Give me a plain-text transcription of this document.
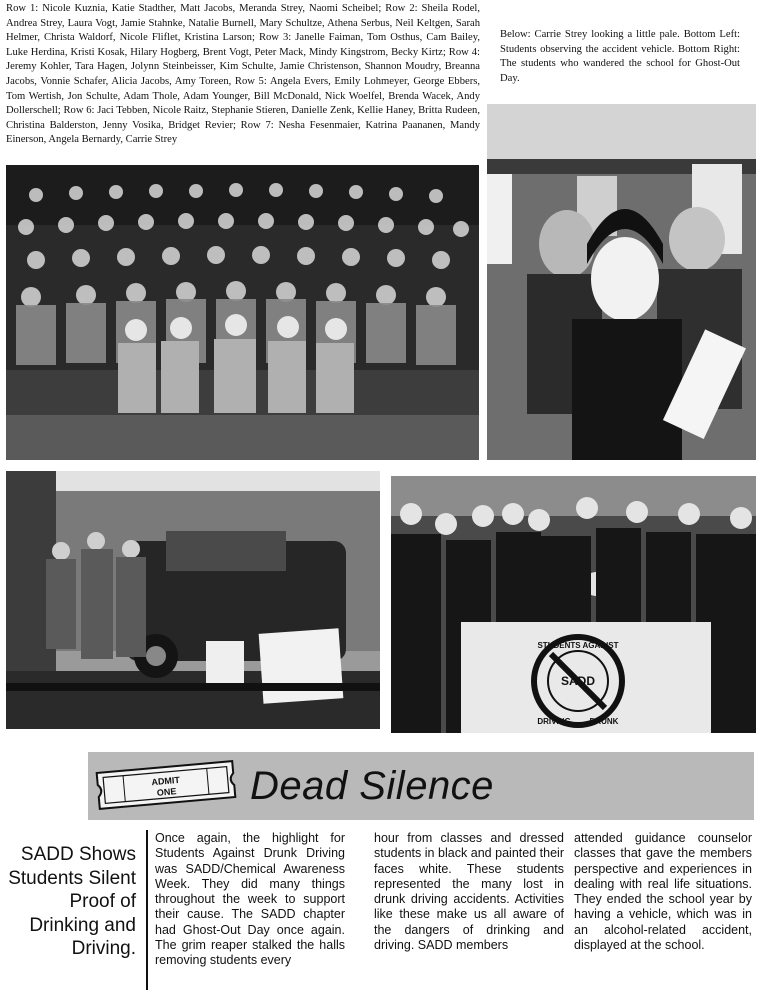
Row 1: Nicole Kuznia, Katie Stadther, Matt Jacobs, Meranda Strey, Naomi Scheibel; Row 2: Sheila Rodel, Andrea Strey, Laura Vogt, Jamie Stahnke, Natalie Burnell, Mary Schultze, Athena Serbus, Neil Keltgen, Sarah Helmer, Christa Waldorf, Nicole Fliflet, Kristina Larson; Row 3: Janelle Faiman, Tom Osthus, Cam Bailey, Luke Herdina, Kristi Kosak, Hilary Hogberg, Brent Vogt, Peter Mack, Mindy Kingstrom, Becky Kirtz; Row 4: Jeremy Kohler, Tara Hagen, Jolynn Steinbeisser, Kim Schulte, Jamie Christenson, Shannon Moudry, Breanna Jacobs, Vonnie Schafer, Alicia Jacobs, Amy Toreen, Row 5: Angela Evers, Emily Lohmeyer, George Ebbers, Tom Wertish, Jon Schulte, Adam Thole, Adam Younger, Bill McDonald, Nick Woelfel, Brenda Wacek, Andy Dollerschell; Row 6: Jaci Tebben, Nicole Raitz, Stephanie Stieren, Danielle Zenk, Kellie Haney, Britta Rudeen, Christina Balderston, Jenny Vosika, Bridget Revier; Row 7: Nesha Fesenmaier, Katrina Paananen, Mandy Einerson, Angela Bernardy, Carrie Strey
Below: Carrie Strey looking a little pale. Bottom Left: Students observing the accident vehicle. Bottom Right: The students who wandered the school for Ghost-Out Day.
SADD
STUDENTS AGAINST
DRIVING DRUNK
ADMIT
ONE Dead Silence
SADD Shows Students Silent Proof of Drinking and Driving.
Once again, the highlight for Students Against Drunk Driving was SADD/Chemical Awareness Week. They did many things throughout the week to support their cause. The SADD chapter had Ghost-Out Day once again. The grim reaper stalked the halls removing students every
hour from classes and dressed students in black and painted their faces white. These students represented the many lost in drunk driving accidents. Activities like these make us all aware of the dangers of drinking and driving. SADD members
attended guidance counselor classes that gave the members perspective and experiences in dealing with real life situations. They ended the school year by having a vehicle, which was in an alcohol-related accident, displayed at the school.
